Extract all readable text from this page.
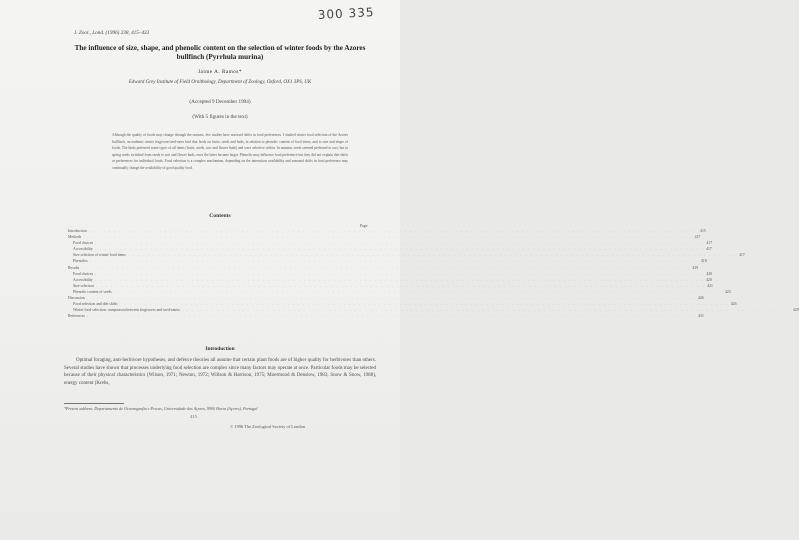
300 335
J. Zool., Lond. (1996) 238, 415–433
The influence of size, shape, and phenolic content on the selection of winter foods by the Azores bullfinch (Pyrrhula murina)
Jaime A. Ramos*
Edward Grey Institute of Field Ornithology, Department of Zoology, Oxford, OX1 3PS, UK
(Accepted 9 December 1994)
(With 5 figures in the text)
Although the quality of foods may change through the seasons, few studies have assessed shifts in food preferences. I studied winter food selection of the Azores bullfinch, an endemic winter frugivore/seed-eater bird that feeds on fruits, seeds and buds, in relation to phenolic content of food items, and to size and shape of foods. The birds preferred some types of all items (fruits, seeds, sori and flower buds) and were selective within. In autumn, seeds seemed preferred to sori, but in spring seeds switched from seeds to sori and flower buds, once the latter became larger. Phenolic may influence food preference but they did not explain diet shifts or preferences for individual foods. Food selection is a complex mechanism, depending on the interaction availability and seasonal shifts in food preference may continually change the availability of good quality food.
Contents
Page
Introduction . . . . . . . . . . . . . . . . . . . . . . . . . . . . . . . . . . . . . . . . . . . . . . . . . . . . . . . . . . . . . . . . . . . . . . . . . . . . . . . . . . . . . . . . . . . . . . . . . . . . . . . . . . . . . . . . . . . . . . . . 415
Methods . . . . . . . . . . . . . . . . . . . . . . . . . . . . . . . . . . . . . . . . . . . . . . . . . . . . . . . . . . . . . . . . . . . . . . . . . . . . . . . . . . . . . . . . . . . . . . . . . . . . . . . . . . . . . . . . . . . . . . . . 417
Food choices . . . . . . . . . . . . . . . . . . . . . . . . . . . . . . . . . . . . . . . . . . . . . . . . . . . . . . . . . . . . . . . . . . . . . . . . . . . . . . . . . . . . . . . . . . . . . . . . . . . . . . . . . . . . . . . . . . . . . . . . 417
Accessibility . . . . . . . . . . . . . . . . . . . . . . . . . . . . . . . . . . . . . . . . . . . . . . . . . . . . . . . . . . . . . . . . . . . . . . . . . . . . . . . . . . . . . . . . . . . . . . . . . . . . . . . . . . . . . . . . . . . . . . . . 417
Size selection of winter food items . . . . . . . . . . . . . . . . . . . . . . . . . . . . . . . . . . . . . . . . . . . . . . . . . . . . . . . . . . . . . . . . . . . . . . . . . . . . . . . . . . . . . . . . . . . . . . . . . . . . . . . . . . . . . . . . . . . . . . . . 417
Phenolics . . . . . . . . . . . . . . . . . . . . . . . . . . . . . . . . . . . . . . . . . . . . . . . . . . . . . . . . . . . . . . . . . . . . . . . . . . . . . . . . . . . . . . . . . . . . . . . . . . . . . . . . . . . . . . . . . . . . . . . . 418
Results . . . . . . . . . . . . . . . . . . . . . . . . . . . . . . . . . . . . . . . . . . . . . . . . . . . . . . . . . . . . . . . . . . . . . . . . . . . . . . . . . . . . . . . . . . . . . . . . . . . . . . . . . . . . . . . . . . . . . . . . 419
Food choices . . . . . . . . . . . . . . . . . . . . . . . . . . . . . . . . . . . . . . . . . . . . . . . . . . . . . . . . . . . . . . . . . . . . . . . . . . . . . . . . . . . . . . . . . . . . . . . . . . . . . . . . . . . . . . . . . . . . . . . . 420
Accessibility . . . . . . . . . . . . . . . . . . . . . . . . . . . . . . . . . . . . . . . . . . . . . . . . . . . . . . . . . . . . . . . . . . . . . . . . . . . . . . . . . . . . . . . . . . . . . . . . . . . . . . . . . . . . . . . . . . . . . . . . 420
Size selection . . . . . . . . . . . . . . . . . . . . . . . . . . . . . . . . . . . . . . . . . . . . . . . . . . . . . . . . . . . . . . . . . . . . . . . . . . . . . . . . . . . . . . . . . . . . . . . . . . . . . . . . . . . . . . . . . . . . . . . . 421
Phenolic content of seeds . . . . . . . . . . . . . . . . . . . . . . . . . . . . . . . . . . . . . . . . . . . . . . . . . . . . . . . . . . . . . . . . . . . . . . . . . . . . . . . . . . . . . . . . . . . . . . . . . . . . . . . . . . . . . . . . . . . . . . . . 423
Discussion . . . . . . . . . . . . . . . . . . . . . . . . . . . . . . . . . . . . . . . . . . . . . . . . . . . . . . . . . . . . . . . . . . . . . . . . . . . . . . . . . . . . . . . . . . . . . . . . . . . . . . . . . . . . . . . . . . . . . . . . 426
Food selection and diet shifts . . . . . . . . . . . . . . . . . . . . . . . . . . . . . . . . . . . . . . . . . . . . . . . . . . . . . . . . . . . . . . . . . . . . . . . . . . . . . . . . . . . . . . . . . . . . . . . . . . . . . . . . . . . . . . . . . . . . . . . . 426
Winter food selection: comparison between frugivores and seed-eaters . . . . . . . . . . . . . . . . . . . . . . . . . . . . . . . . . . . . . . . . . . . . . . . . . . . . . . . . . . . . . . . . . . . . . . . . . . . . . . . . . . . . . . . . . . . . . . . . . . . . . . . . . . . . . . . . . . . . . . . . 429
References . . . . . . . . . . . . . . . . . . . . . . . . . . . . . . . . . . . . . . . . . . . . . . . . . . . . . . . . . . . . . . . . . . . . . . . . . . . . . . . . . . . . . . . . . . . . . . . . . . . . . . . . . . . . . . . . . . . . . . . . 431
Introduction
Optimal foraging, anti-herbivore hypotheses, and defence theories all assume that certain plant foods are of higher quality for herbivores than others. Several studies have shown that processes underlying food selection are complex since many factors may operate at once. Particular foods may be selected because of their physical characteristics (Wilson, 1971; Newton, 1972; Willson & Harrison, 1975; Moermond & Denslow, 1983; Snow & Snow, 1988), energy content (Krebs,
*Present address: Departamento de Oceanografia e Pescas, Universidade dos Açores, 9900 Horta (Açores), Portugal
415
© 1996 The Zoological Society of London
